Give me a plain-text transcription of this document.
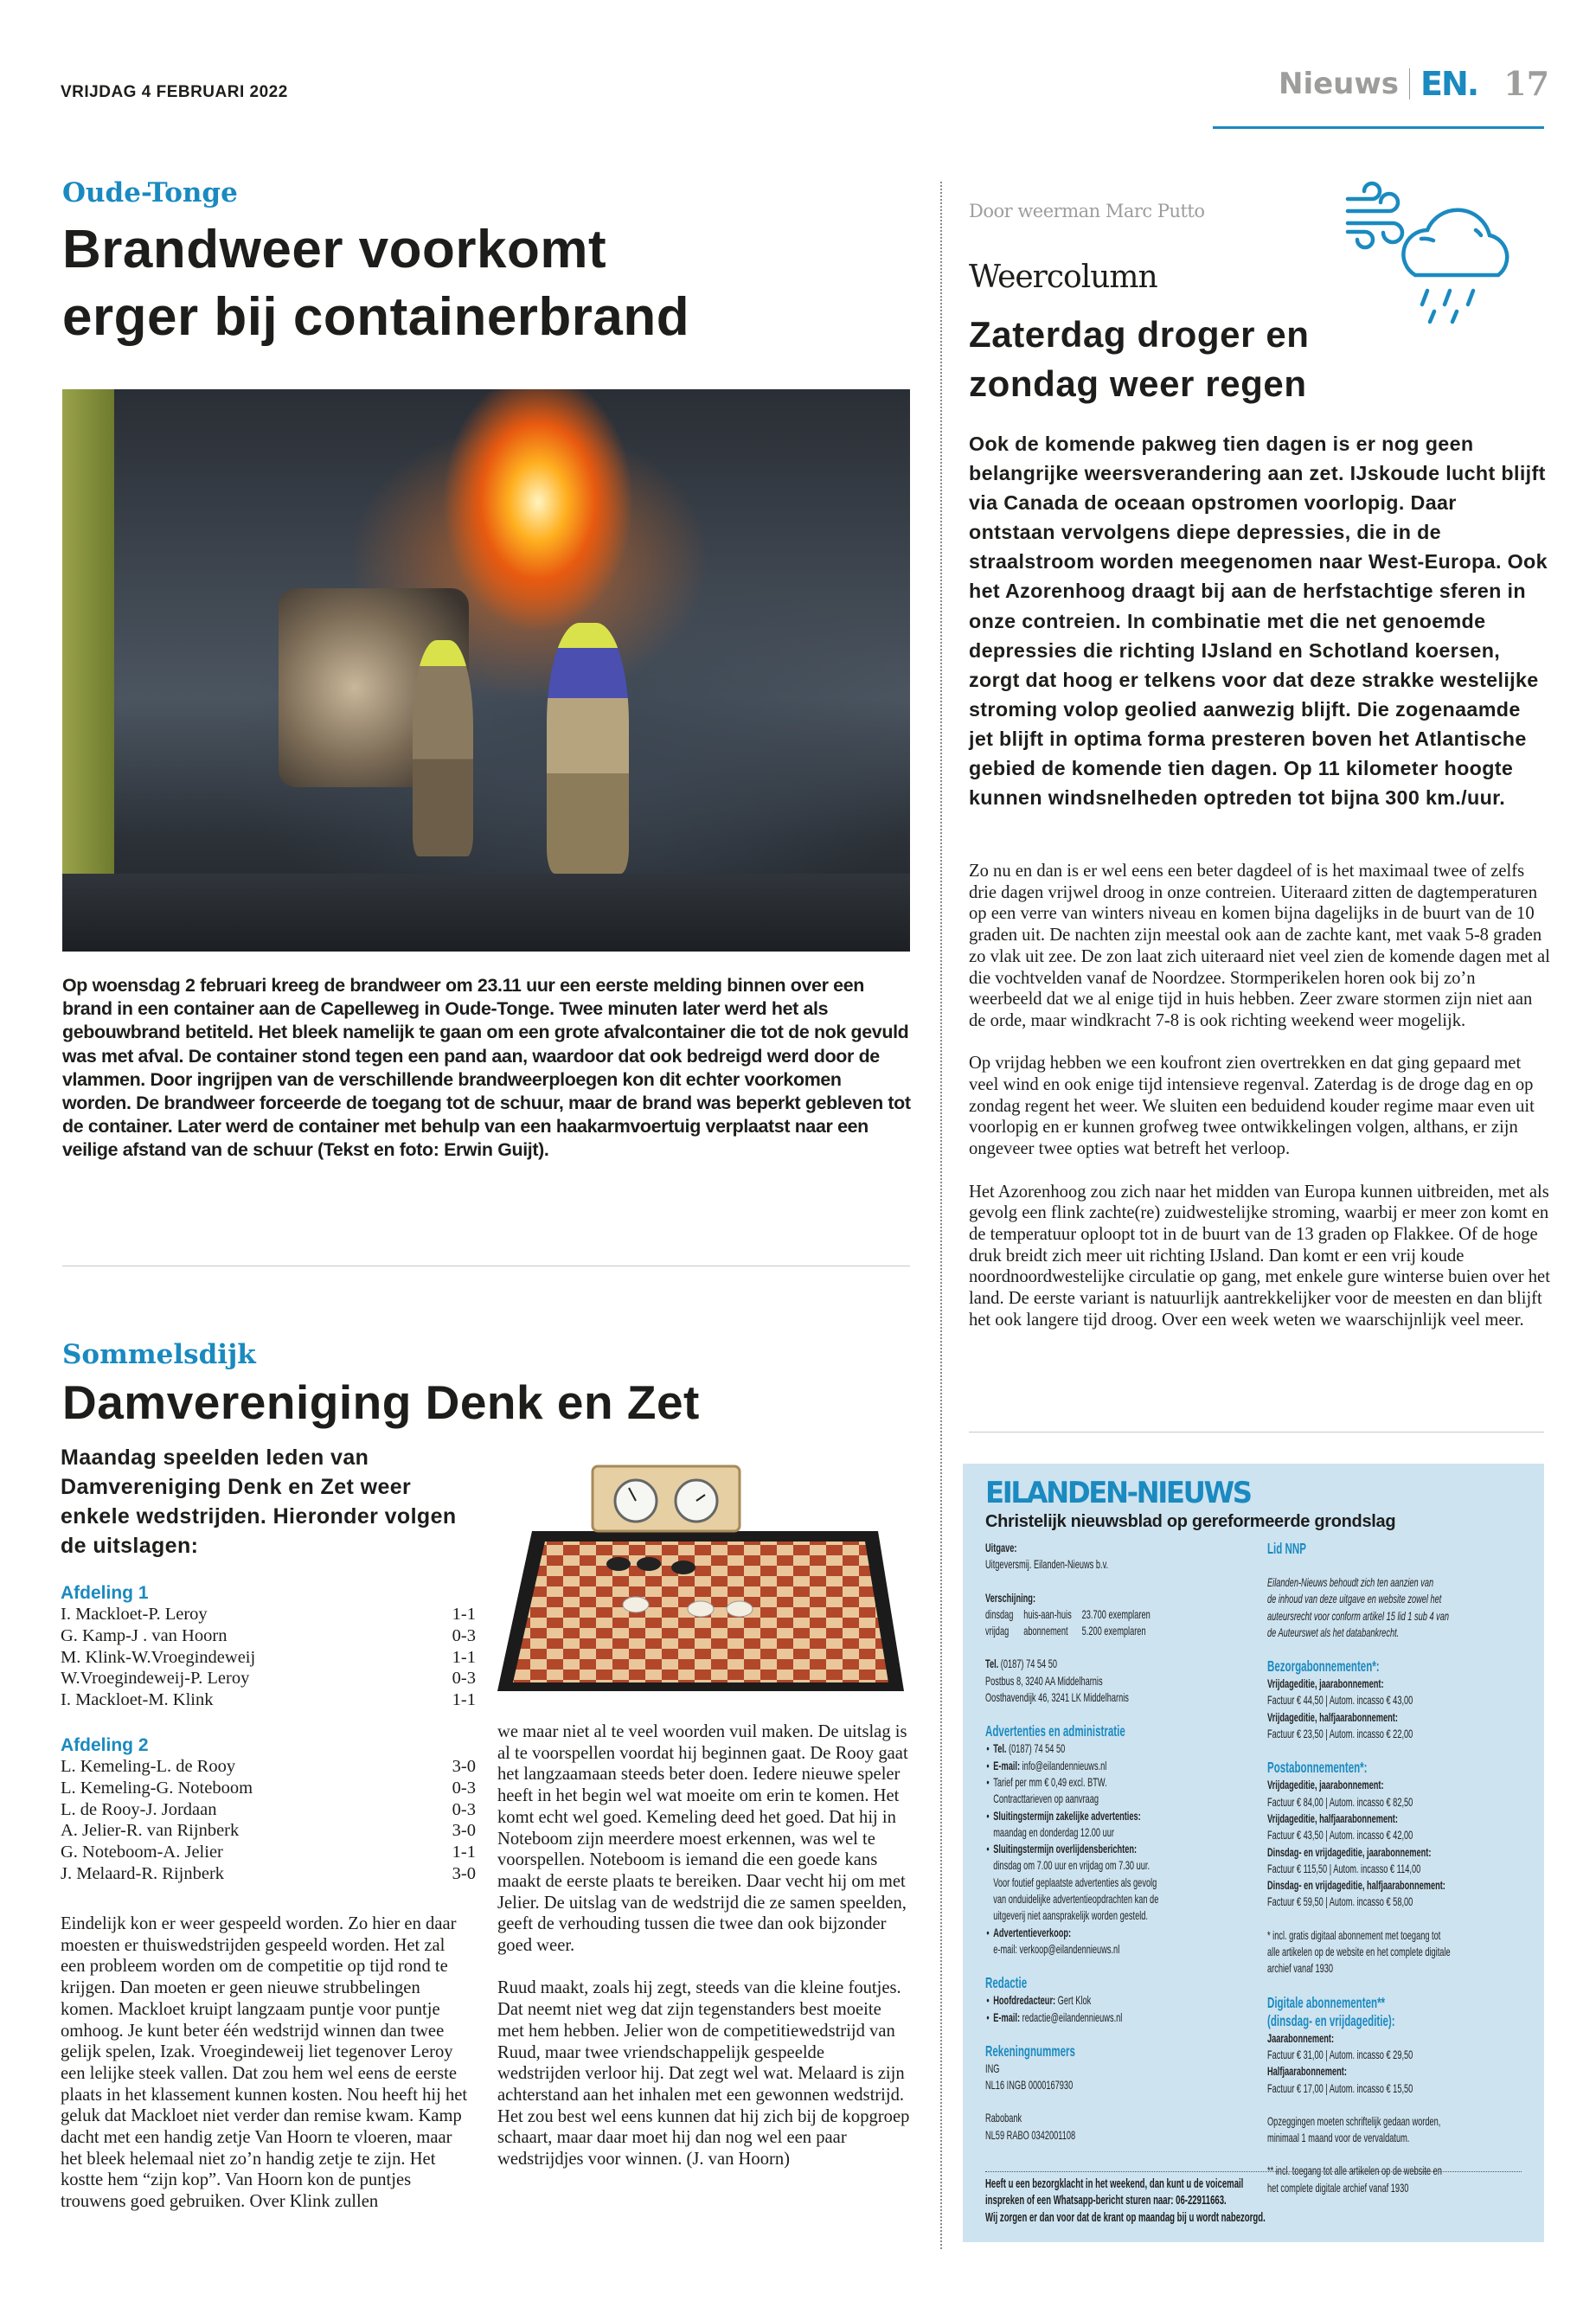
VRIJDAG 4 FEBRUARI 2022	Nieuws EN. 17
Oude-Tonge
Brandweer voorkomt
erger bij containerbrand

Op woensdag 2 februari kreeg de brandweer om 23.11 uur een eerste melding binnen over een brand in een container aan de Capelleweg in Oude-Tonge. Twee minuten later werd het als gebouwbrand betiteld. Het bleek namelijk te gaan om een grote afvalcontainer die tot de nok gevuld was met afval. De container stond tegen een pand aan, waardoor dat ook bedreigd werd door de vlammen. Door ingrijpen van de verschillende brandweerploegen kon dit echter voorkomen worden. De brandweer forceerde de toegang tot de schuur, maar de brand was beperkt gebleven tot de container. Later werd de container met behulp van een haakarmvoertuig verplaatst naar een veilige afstand van de schuur (Tekst en foto: Erwin Guijt).

Sommelsdijk
Damvereniging Denk en Zet

Maandag speelden leden van Damvereniging Denk en Zet weer enkele wedstrijden. Hieronder volgen de uitslagen:

Afdeling 1
I. Mackloet-P. Leroy	1-1
G. Kamp-J . van Hoorn	0-3
M. Klink-W.Vroegindeweij	1-1
W.Vroegindeweij-P. Leroy	0-3
I. Mackloet-M. Klink	1-1
Afdeling 2
L. Kemeling-L. de Rooy	3-0
L. Kemeling-G. Noteboom	0-3
L. de Rooy-J. Jordaan	0-3
A. Jelier-R. van Rijnberk	3-0
G. Noteboom-A. Jelier	1-1
J. Melaard-R. Rijnberk	3-0

Eindelijk kon er weer gespeeld worden. Zo hier en daar moesten er thuiswedstrijden gespeeld worden. Het zal een probleem worden om de competitie op tijd rond te krijgen. Dan moeten er geen nieuwe strubbelingen komen. Mackloet kruipt langzaam puntje voor puntje omhoog. Je kunt beter één wedstrijd winnen dan twee gelijk spelen, Izak. Vroegindeweij liet tegenover Leroy een lelijke steek vallen. Dat zou hem wel eens de eerste plaats in het klassement kunnen kosten. Nou heeft hij het geluk dat Mackloet niet verder dan remise kwam. Kamp dacht met een handig zetje Van Hoorn te vloeren, maar het bleek helemaal niet zo’n handig zetje te zijn. Het kostte hem “zijn kop”. Van Hoorn kon de puntjes trouwens goed gebruiken. Over Klink zullen

we maar niet al te veel woorden vuil maken. De uitslag is al te voorspellen voordat hij beginnen gaat. De Rooy gaat het langzaamaan steeds beter doen. Iedere nieuwe speler heeft in het begin wel wat moeite om erin te komen. Het komt echt wel goed. Kemeling deed het goed. Dat hij in Noteboom zijn meerdere moest erkennen, was wel te voorspellen. Noteboom is iemand die een goede kans maakt de eerste plaats te bereiken. Daar vecht hij om met Jelier. De uitslag van de wedstrijd die ze samen speelden, geeft de verhouding tussen die twee dan ook bijzonder goed weer.

Ruud maakt, zoals hij zegt, steeds van die kleine foutjes. Dat neemt niet weg dat zijn tegenstanders best moeite met hem hebben. Jelier won de competitiewedstrijd van Ruud, maar twee vriendschappelijk gespeelde wedstrijden verloor hij. Dat zegt wel wat. Melaard is zijn achterstand aan het inhalen met een gewonnen wedstrijd. Het zou best wel eens kunnen dat hij zich bij de kopgroep schaart, maar daar moet hij dan nog wel een paar wedstrijdjes voor winnen. (J. van Hoorn)

Door weerman Marc Putto
Weercolumn
Zaterdag droger en
zondag weer regen

Ook de komende pakweg tien dagen is er nog geen belangrijke weersverandering aan zet. IJskoude lucht blijft via Canada de oceaan opstromen voorlopig. Daar ontstaan vervolgens diepe depressies, die in de straalstroom worden meegenomen naar West-Europa. Ook het Azorenhoog draagt bij aan de herfstachtige sferen in onze contreien. In combinatie met die net genoemde depressies die richting IJsland en Schotland koersen, zorgt dat hoog er telkens voor dat deze strakke westelijke stroming volop geolied aanwezig blijft. Die zogenaamde jet blijft in optima forma presteren boven het Atlantische gebied de komende tien dagen. Op 11 kilometer hoogte kunnen windsnelheden optreden tot bijna 300 km./uur.

Zo nu en dan is er wel eens een beter dagdeel of is het maximaal twee of zelfs drie dagen vrijwel droog in onze contreien. Uiteraard zitten de dagtemperaturen op een verre van winters niveau en komen bijna dagelijks in de buurt van de 10 graden uit. De nachten zijn meestal ook aan de zachte kant, met vaak 5-8 graden zo vlak uit zee. De zon laat zich uiteraard niet veel zien de komende dagen met al die vochtvelden vanaf de Noordzee. Stormperikelen horen ook bij zo’n weerbeeld dat we al enige tijd in huis hebben. Zeer zware stormen zijn niet aan de orde, maar windkracht 7-8 is ook richting weekend weer mogelijk.

Op vrijdag hebben we een koufront zien overtrekken en dat ging gepaard met veel wind en ook enige tijd intensieve regenval. Zaterdag is de droge dag en op zondag regent het weer. We sluiten een beduidend kouder regime maar even uit voorlopig en er kunnen grofweg twee ontwikkelingen volgen, althans, er zijn ongeveer twee opties wat betreft het verloop.

Het Azorenhoog zou zich naar het midden van Europa kunnen uitbreiden, met als gevolg een flink zachte(re) zuidwestelijke stroming, waarbij er meer zon komt en de temperatuur oploopt tot in de buurt van de 13 graden op Flakkee. Of de hoge druk breidt zich meer uit richting IJsland. Dan komt er een vrij koude noordnoordwestelijke circulatie op gang, met enkele gure winterse buien over het land. De eerste variant is natuurlijk aantrekkelijker voor de meesten en dan blijft het ook langere tijd droog. Over een week weten we waarschijnlijk veel meer.

EILANDEN-NIEUWS
Christelijk nieuwsblad op gereformeerde grondslag
Uitgave:
Uitgeversmij. Eilanden-Nieuws b.v.
Verschijning:
dinsdag	huis-aan-huis	23.700 exemplaren
vrijdag	abonnement	5.200 exemplaren
Tel. (0187) 74 54 50
Postbus 8, 3240 AA Middelharnis
Oosthavendijk 46, 3241 LK Middelharnis
Advertenties en administratie
• Tel. (0187) 74 54 50
• E-mail: info@eilandennieuws.nl
• Tarief per mm € 0,49 excl. BTW.
Contracttarieven op aanvraag
• Sluitingstermijn zakelijke advertenties:
maandag en donderdag 12.00 uur
• Sluitingstermijn overlijdensberichten:
dinsdag om 7.00 uur en vrijdag om 7.30 uur.
Voor foutief geplaatste advertenties als gevolg
van onduidelijke advertentieopdrachten kan de
uitgeverij niet aansprakelijk worden gesteld.
• Advertentieverkoop:
e-mail: verkoop@eilandennieuws.nl
Redactie
• Hoofdredacteur: Gert Klok
• E-mail: redactie@eilandennieuws.nl
Rekeningnummers
ING
NL16 INGB 0000167930
Rabobank
NL59 RABO 0342001108
Lid NNP
Eilanden-Nieuws behoudt zich ten aanzien van
de inhoud van deze uitgave en website zowel het
auteursrecht voor conform artikel 15 lid 1 sub 4 van
de Auteurswet als het databankrecht.
Bezorgabonnementen*:
Vrijdageditie, jaarabonnement:
Factuur € 44,50 | Autom. incasso € 43,00
Vrijdageditie, halfjaarabonnement:
Factuur € 23,50 | Autom. incasso € 22,00
Postabonnementen*:
Vrijdageditie, jaarabonnement:
Factuur € 84,00 | Autom. incasso € 82,50
Vrijdageditie, halfjaarabonnement:
Factuur € 43,50 | Autom. incasso € 42,00
Dinsdag- en vrijdageditie, jaarabonnement:
Factuur € 115,50 | Autom. incasso € 114,00
Dinsdag- en vrijdageditie, halfjaarabonnement:
Factuur € 59,50 | Autom. incasso € 58,00
* incl. gratis digitaal abonnement met toegang tot
alle artikelen op de website en het complete digitale
archief vanaf 1930
Digitale abonnementen**
(dinsdag- en vrijdageditie):
Jaarabonnement:
Factuur € 31,00 | Autom. incasso € 29,50
Halfjaarabonnement:
Factuur € 17,00 | Autom. incasso € 15,50
Opzeggingen moeten schriftelijk gedaan worden,
minimaal 1 maand voor de vervaldatum.
** incl. toegang tot alle artikelen op de website en
het complete digitale archief vanaf 1930
Heeft u een bezorgklacht in het weekend, dan kunt u de voicemail
inspreken of een Whatsapp-bericht sturen naar: 06-22911663.
Wij zorgen er dan voor dat de krant op maandag bij u wordt nabezorgd.
